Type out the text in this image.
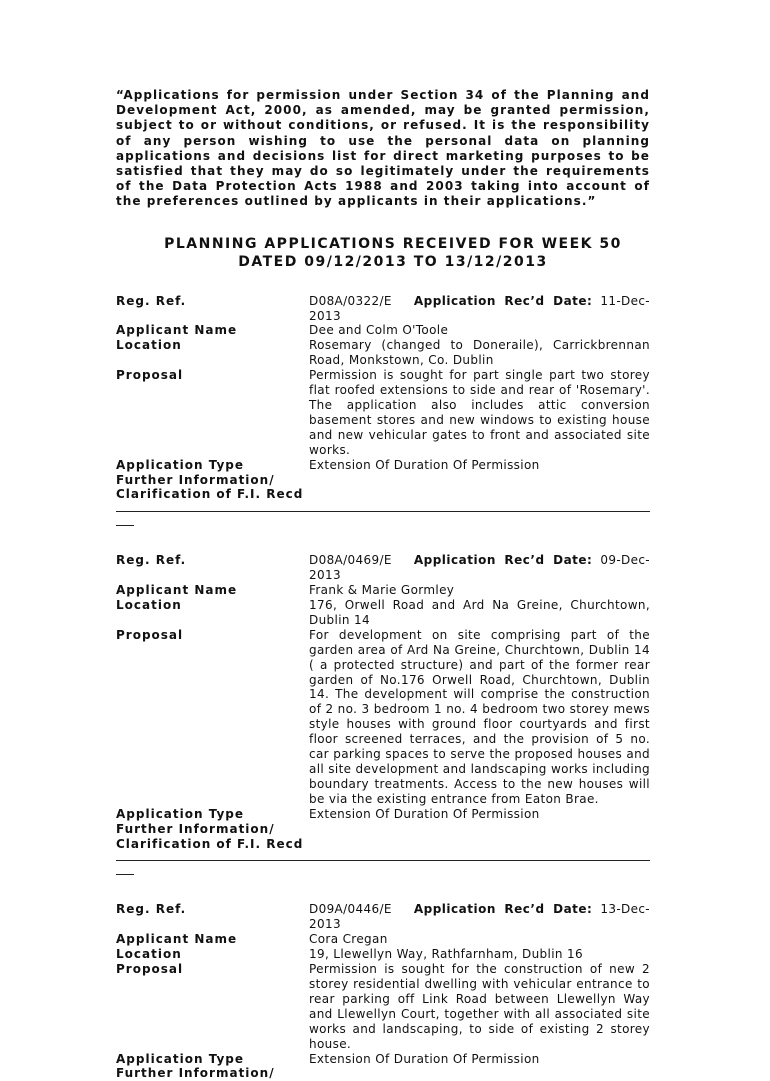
“Applications for permission under Section 34 of the Planning and Development Act, 2000, as amended, may be granted permission, subject to or without conditions, or refused. It is the responsibility of any person wishing to use the personal data on planning applications and decisions list for direct marketing purposes to be satisfied that they may do so legitimately under the requirements of the Data Protection Acts 1988 and 2003 taking into account of the preferences outlined by applicants in their applications.”

PLANNING APPLICATIONS RECEIVED FOR WEEK 50
DATED 09/12/2013 TO 13/12/2013
Reg. Ref.	D08A/0322/E Application Rec’d Date: 11-Dec-2013
Applicant Name	Dee and Colm O'Toole
Location	Rosemary (changed to Doneraile), Carrickbrennan Road, Monkstown, Co. Dublin
Proposal	Permission is sought for part single part two storey flat roofed extensions to side and rear of 'Rosemary'. The application also includes attic conversion basement stores and new windows to existing house and new vehicular gates to front and associated site works.
Application Type	Extension Of Duration Of Permission
Further Information/
Clarification of F.I. Recd
Reg. Ref.	D08A/0469/E Application Rec’d Date: 09-Dec-2013
Applicant Name	Frank & Marie Gormley
Location	176, Orwell Road and Ard Na Greine, Churchtown, Dublin 14
Proposal	For development on site comprising part of the garden area of Ard Na Greine, Churchtown, Dublin 14 ( a protected structure) and part of the former rear garden of No.176 Orwell Road, Churchtown, Dublin 14. The development will comprise the construction of 2 no. 3 bedroom 1 no. 4 bedroom two storey mews style houses with ground floor courtyards and first floor screened terraces, and the provision of 5 no. car parking spaces to serve the proposed houses and all site development and landscaping works including boundary treatments. Access to the new houses will be via the existing entrance from Eaton Brae.
Application Type	Extension Of Duration Of Permission
Further Information/
Clarification of F.I. Recd
Reg. Ref.	D09A/0446/E Application Rec’d Date: 13-Dec-2013
Applicant Name	Cora Cregan
Location	19, Llewellyn Way, Rathfarnham, Dublin 16
Proposal	Permission is sought for the construction of new 2 storey residential dwelling with vehicular entrance to rear parking off Link Road between Llewellyn Way and Llewellyn Court, together with all associated site works and landscaping, to side of existing 2 storey house.
Application Type	Extension Of Duration Of Permission
Further Information/
